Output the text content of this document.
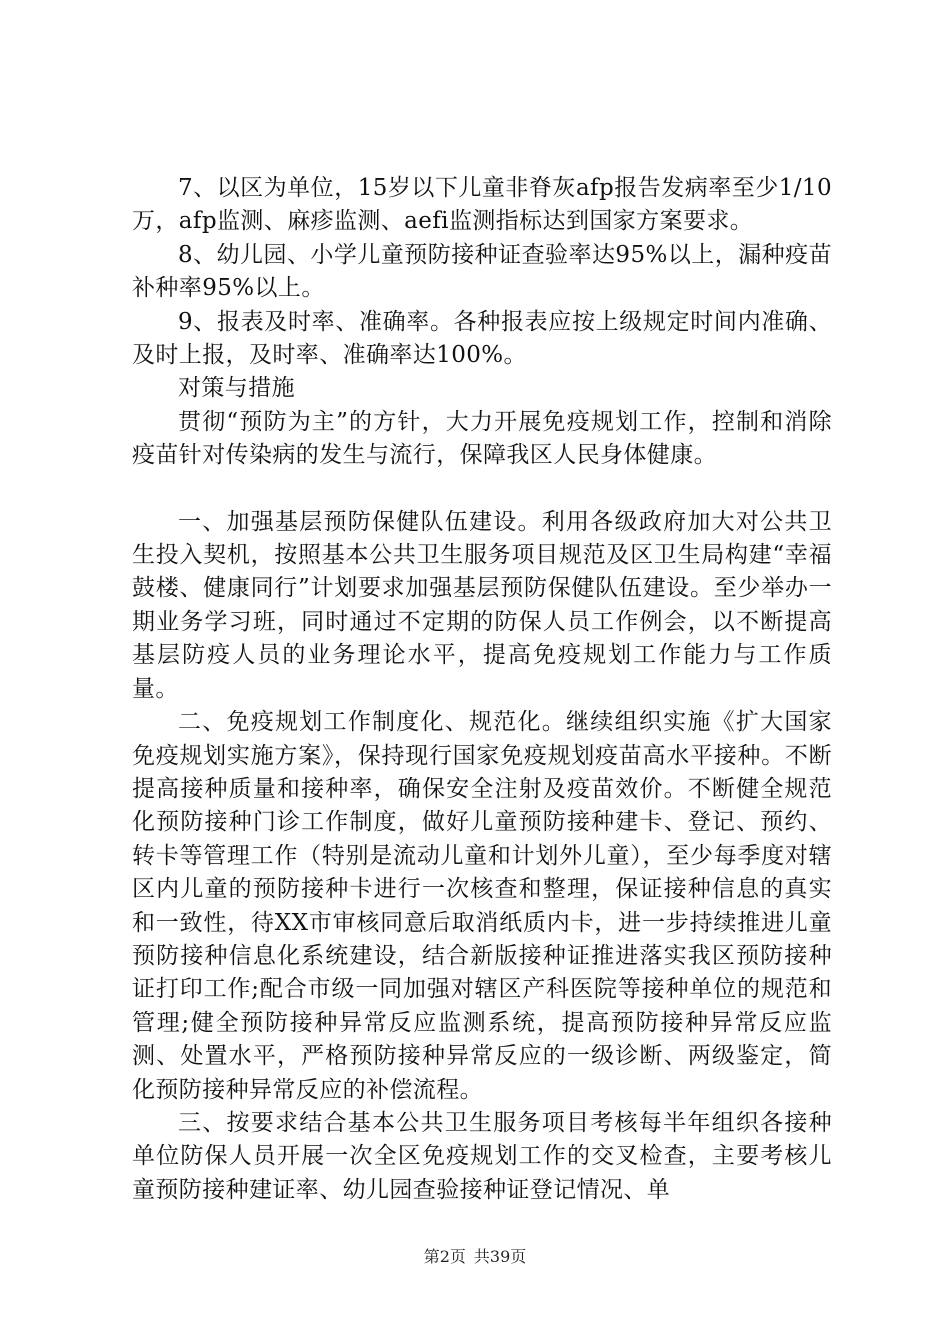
7、以区为单位，15岁以下儿童非脊灰afp报告发病率至少1/10万，afp监测、麻疹监测、aefi监测指标达到国家方案要求。

8、幼儿园、小学儿童预防接种证查验率达95%以上，漏种疫苗补种率95%以上。

9、报表及时率、准确率。各种报表应按上级规定时间内准确、及时上报，及时率、准确率达100%。

对策与措施

贯彻“预防为主”的方针，大力开展免疫规划工作，控制和消除疫苗针对传染病的发生与流行，保障我区人民身体健康。

一、加强基层预防保健队伍建设。利用各级政府加大对公共卫生投入契机，按照基本公共卫生服务项目规范及区卫生局构建“幸福鼓楼、健康同行”计划要求加强基层预防保健队伍建设。至少举办一期业务学习班，同时通过不定期的防保人员工作例会，以不断提高基层防疫人员的业务理论水平，提高免疫规划工作能力与工作质量。

二、免疫规划工作制度化、规范化。继续组织实施《扩大国家免疫规划实施方案》，保持现行国家免疫规划疫苗高水平接种。不断提高接种质量和接种率，确保安全注射及疫苗效价。不断健全规范化预防接种门诊工作制度，做好儿童预防接种建卡、登记、预约、转卡等管理工作（特别是流动儿童和计划外儿童），至少每季度对辖区内儿童的预防接种卡进行一次核查和整理，保证接种信息的真实和一致性，待XX市审核同意后取消纸质内卡，进一步持续推进儿童预防接种信息化系统建设，结合新版接种证推进落实我区预防接种证打印工作;配合市级一同加强对辖区产科医院等接种单位的规范和管理;健全预防接种异常反应监测系统，提高预防接种异常反应监测、处置水平，严格预防接种异常反应的一级诊断、两级鉴定，简化预防接种异常反应的补偿流程。

三、按要求结合基本公共卫生服务项目考核每半年组织各接种单位防保人员开展一次全区免疫规划工作的交叉检查，主要考核儿童预防接种建证率、幼儿园查验接种证登记情况、单

第2页 共39页
